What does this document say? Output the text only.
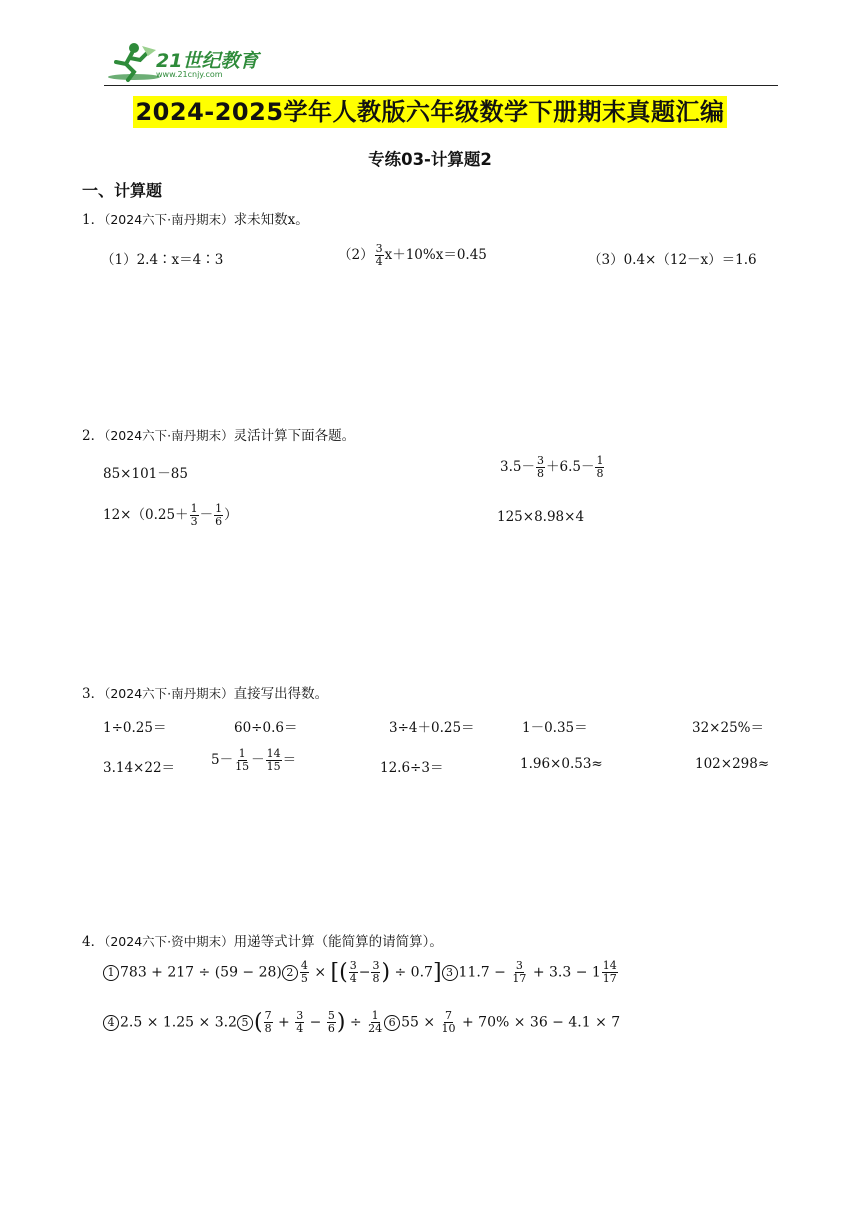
21世纪教育
www.21cnjy.com
2024-2025学年人教版六年级数学下册期末真题汇编
专练03-计算题2
一、计算题
1．（2024六下·南丹期末）求未知数x。
（1）2.4∶x＝4∶3	$(2) \frac{3}{4} x+10\%x=0.45$	（3）0.4×（12－x）＝1.6
2．（2024六下·南丹期末）灵活计算下面各题。
85×101－85	$3.5- \frac{3}{8} +6.5- \frac{1}{8}$
$12\times(0.25+ \frac{1}{3} - \frac{1}{6}$ ）	125×8.98×4
3．（2024六下·南丹期末）直接写出得数。
1÷0.25＝	60÷0.6＝	3÷4＋0.25＝	1－0.35＝	32×25%＝
3.14×22＝	$5- \frac{1}{15} - \frac{14}{15}$ ＝	12.6÷3＝	1.96×0.53≈	102×298≈
4．（2024六下·资中期末）用递等式计算（能简算的请简算）。
1 783 + 217 ÷ (59 − 28) $2 \frac{4}{5}$ × [( $\frac{3}{4} - \frac{3}{8}$ ) ÷ 0.7] 3 $11.7 - \frac{3}{17} + 3.3 - 1 \frac{14}{17}$
4 2.5 × 1.25 × 3.2 5 ( $\frac{7}{8} + \frac{3}{4} - \frac{5}{6}$ ) ÷ $\frac{1}{24} 6$ $55 \times \frac{7}{10} + 70\% \times 36 - 4.1 \times 7$
